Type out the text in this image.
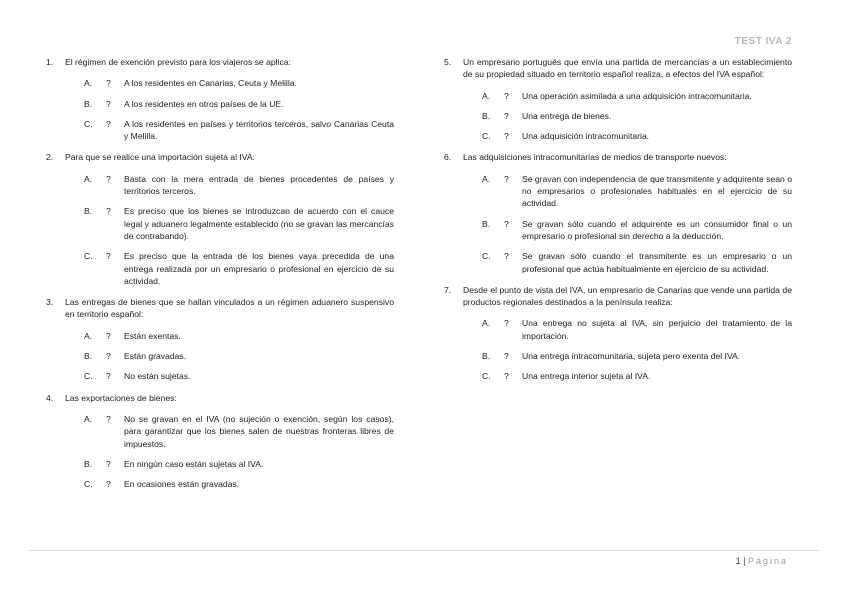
TEST IVA 2
1. El régimen de exención previsto para los viajeros se aplica:
A. ? A los residentes en Canarias, Ceuta y Melilla.
B. ? A los residentes en otros países de la UE.
C. ? A los residentes en países y territorios terceros, salvo Canarias Ceuta y Melilla.
2. Para que se realice una importación sujeta al IVA:
A. ? Basta con la mera entrada de bienes procedentes de países y territorios terceros.
B. ? Es preciso que los bienes se introduzcan de acuerdo con el cauce legal y aduanero legalmente establecido (no se gravan las mercancías de contrabando).
C. ? Es preciso que la entrada de los bienes vaya precedida de una entrega realizada por un empresario o profesional en ejercicio de su actividad.
3. Las entregas de bienes que se hallan vinculados a un régimen aduanero suspensivo en territorio español:
A. ? Están exentas.
B. ? Están gravadas.
C. ? No están sujetas.
4. Las exportaciones de bienes:
A. ? No se gravan en el IVA (no sujeción o exención, según los casos), para garantizar que los bienes salen de nuestras fronteras libres de impuestos.
B. ? En ningún caso están sujetas al IVA.
C. ? En ocasiones están gravadas.
5. Un empresario portugués que envía una partida de mercancías a un establecimiento de su propiedad situado en territorio español realiza, a efectos del IVA español:
A. ? Una operación asimilada a una adquisición intracomunitaria.
B. ? Una entrega de bienes.
C. ? Una adquisición intracomunitaria.
6. Las adquisiciones intracomunitarias de medios de transporte nuevos:
A. ? Se gravan con independencia de que transmitente y adquirente sean o no empresarios o profesionales habituales en el ejercicio de su actividad.
B. ? Se gravan sólo cuando el adquirente es un consumidor final o un empresario o profesional sin derecho a la deducción.
C. ? Se gravan sólo cuando el transmitente es un empresario o un profesional que actúa habitualmente en ejercicio de su actividad.
7. Desde el punto de vista del IVA, un empresario de Canarias que vende una partida de productos regionales destinados a la península realiza:
A. ? Una entrega no sujeta al IVA, sin perjuicio del tratamiento de la importación.
B. ? Una entrega intracomunitaria, sujeta pero exenta del IVA.
C. ? Una entrega interior sujeta al IVA.
1 | Página
